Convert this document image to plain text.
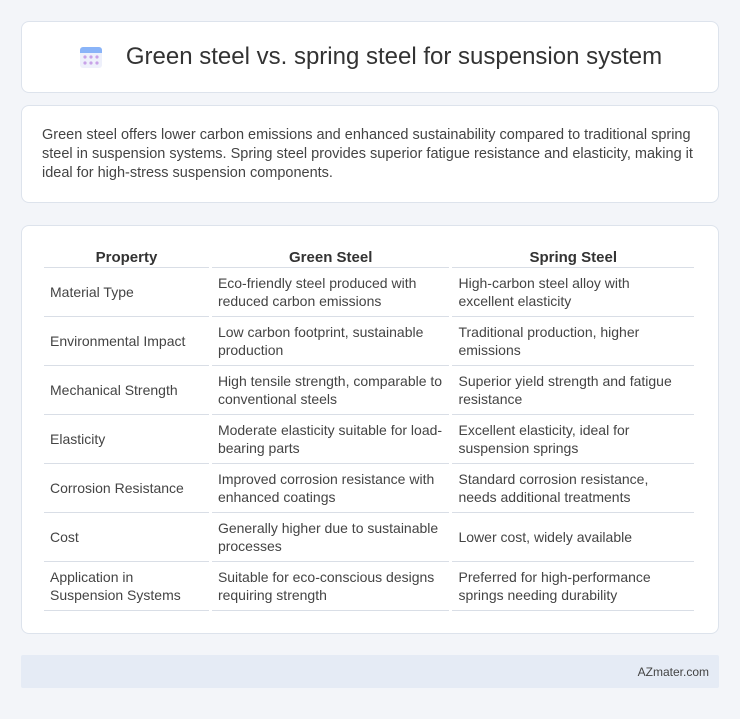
Green steel vs. spring steel for suspension system

Green steel offers lower carbon emissions and enhanced sustainability compared to traditional spring steel in suspension systems. Spring steel provides superior fatigue resistance and elasticity, making it ideal for high-stress suspension components.

Property	Green Steel	Spring Steel
Material Type	Eco-friendly steel produced with reduced carbon emissions	High-carbon steel alloy with excellent elasticity
Environmental Impact	Low carbon footprint, sustainable production	Traditional production, higher emissions
Mechanical Strength	High tensile strength, comparable to conventional steels	Superior yield strength and fatigue resistance
Elasticity	Moderate elasticity suitable for load-bearing parts	Excellent elasticity, ideal for suspension springs
Corrosion Resistance	Improved corrosion resistance with enhanced coatings	Standard corrosion resistance, needs additional treatments
Cost	Generally higher due to sustainable processes	Lower cost, widely available
Application in Suspension Systems	Suitable for eco-conscious designs requiring strength	Preferred for high-performance springs needing durability
AZmater.com
